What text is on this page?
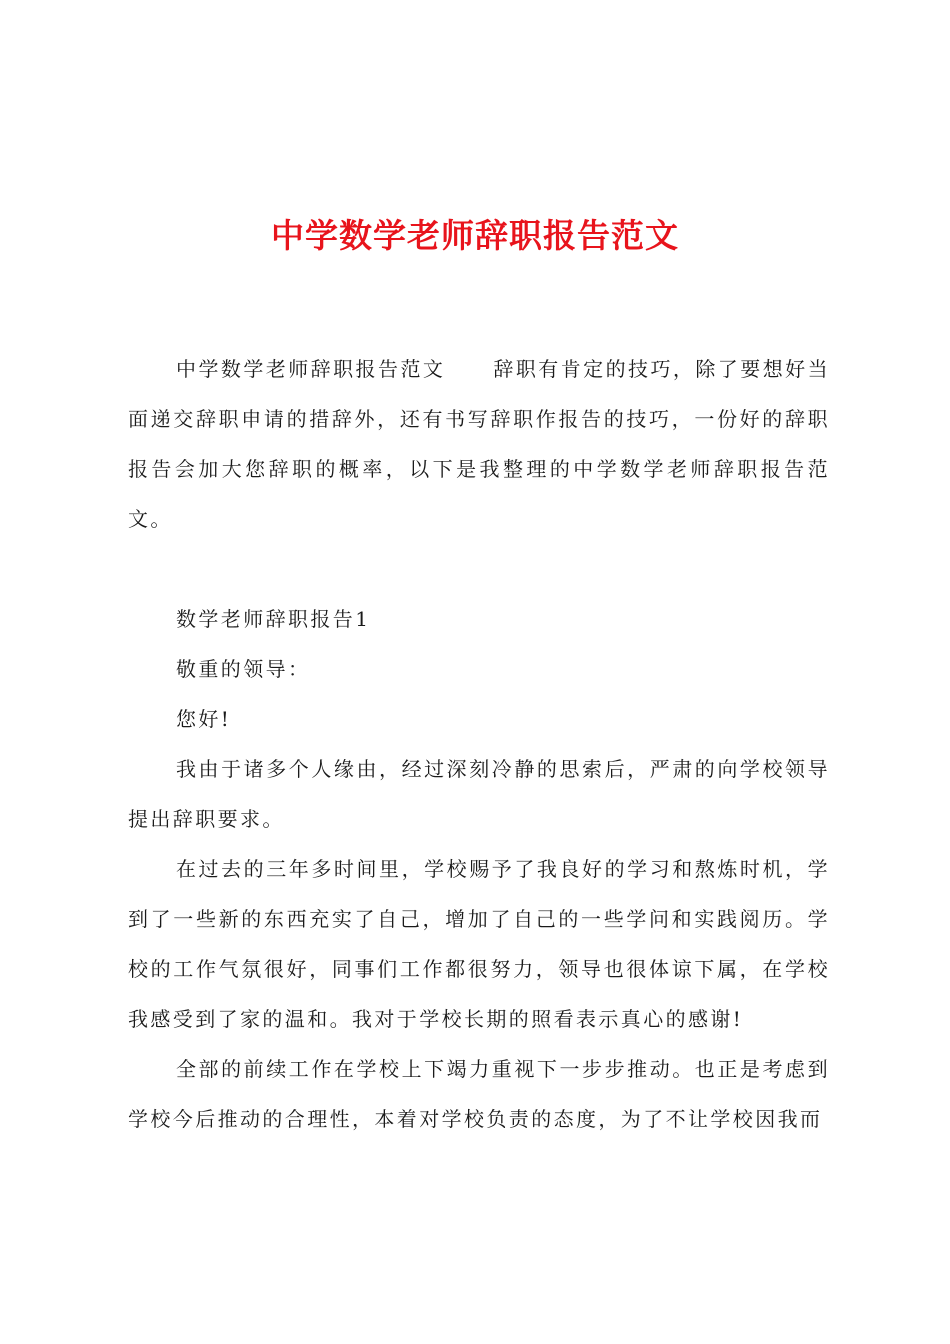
中学数学老师辞职报告范文

中学数学老师辞职报告范文 辞职有肯定的技巧，除了要想好当面递交辞职申请的措辞外，还有书写辞职作报告的技巧，一份好的辞职报告会加大您辞职的概率，以下是我整理的中学数学老师辞职报告范文。

数学老师辞职报告1

敬重的领导：

您好!

我由于诸多个人缘由，经过深刻冷静的思索后，严肃的向学校领导提出辞职要求。

在过去的三年多时间里，学校赐予了我良好的学习和熬炼时机，学到了一些新的东西充实了自己，增加了自己的一些学问和实践阅历。学校的工作气氛很好，同事们工作都很努力，领导也很体谅下属，在学校我感受到了家的温和。我对于学校长期的照看表示真心的感谢!

全部的前续工作在学校上下竭力重视下一步步推动。也正是考虑到学校今后推动的合理性，本着对学校负责的态度，为了不让学校因我而
